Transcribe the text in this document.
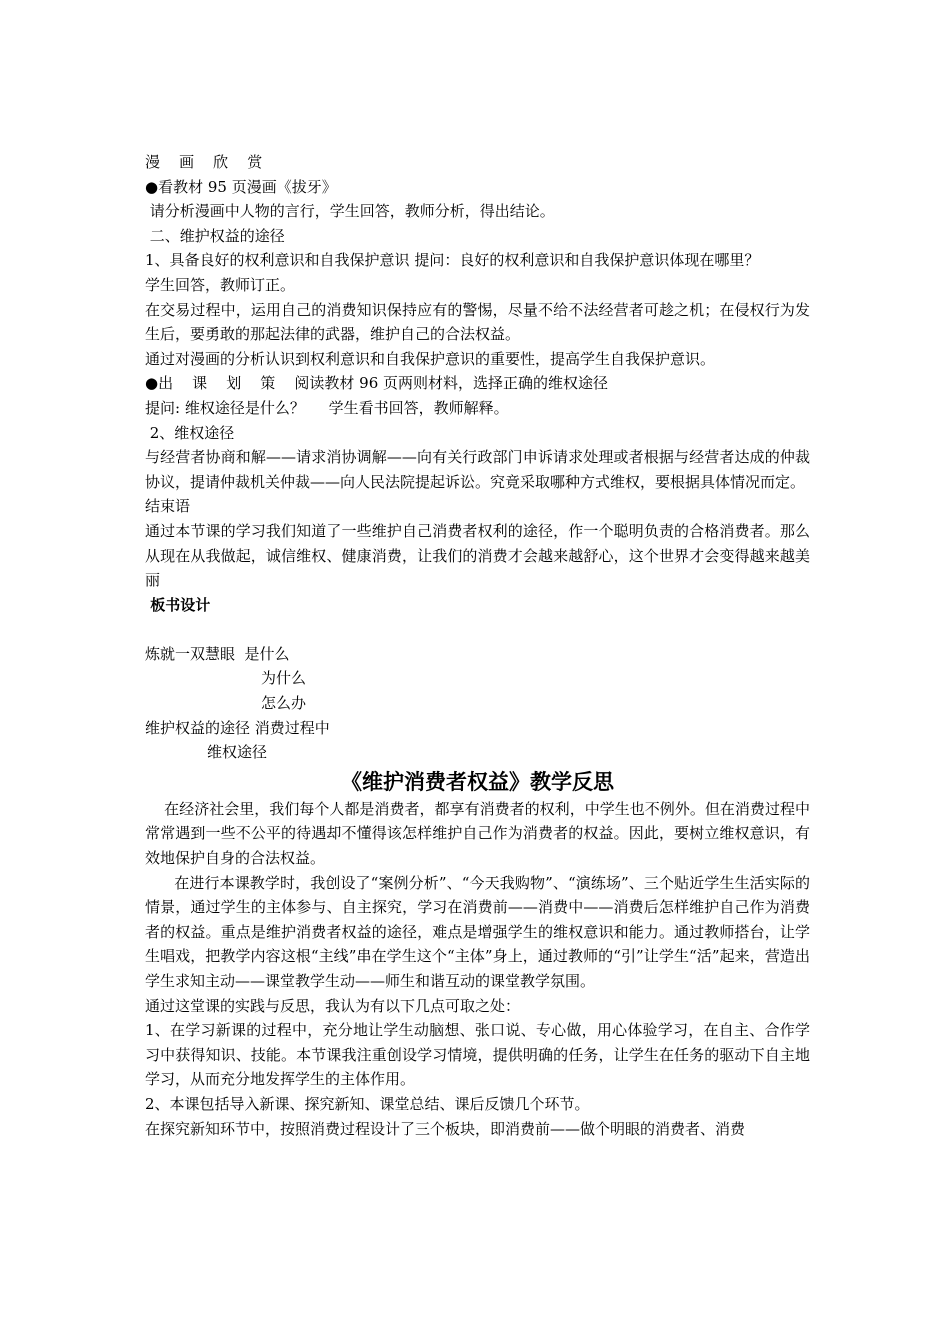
漫    画    欣    赏
●看教材 95 页漫画《拔牙》
请分析漫画中人物的言行，学生回答，教师分析，得出结论。
二、维护权益的途径
1、具备良好的权利意识和自我保护意识 提问：良好的权利意识和自我保护意识体现在哪里？
学生回答，教师订正。
在交易过程中，运用自己的消费知识保持应有的警惕，尽量不给不法经营者可趁之机；在侵权行为发生后，要勇敢的那起法律的武器，维护自己的合法权益。
通过对漫画的分析认识到权利意识和自我保护意识的重要性，提高学生自我保护意识。
●出    课    划    策    阅读教材 96 页两则材料，选择正确的维权途径
提问: 维权途径是什么？     学生看书回答，教师解释。
2、维权途径
与经营者协商和解——请求消协调解——向有关行政部门申诉请求处理或者根据与经营者达成的仲裁协议，提请仲裁机关仲裁——向人民法院提起诉讼。究竟采取哪种方式维权，要根据具体情况而定。
结束语
通过本节课的学习我们知道了一些维护自己消费者权利的途径，作一个聪明负责的合格消费者。那么从现在从我做起，诚信维权、健康消费，让我们的消费才会越来越舒心，这个世界才会变得越来越美丽
板书设计
炼就一双慧眼  是什么
为什么
怎么办
维护权益的途径 消费过程中
维权途径
《维护消费者权益》教学反思
在经济社会里，我们每个人都是消费者，都享有消费者的权利，中学生也不例外。但在消费过程中常常遇到一些不公平的待遇却不懂得该怎样维护自己作为消费者的权益。因此，要树立维权意识，有效地保护自身的合法权益。
在进行本课教学时，我创设了“案例分析”、“今天我购物”、“演练场”、三个贴近学生生活实际的情景，通过学生的主体参与、自主探究，学习在消费前——消费中——消费后怎样维护自己作为消费者的权益。重点是维护消费者权益的途径，难点是增强学生的维权意识和能力。通过教师搭台，让学生唱戏，把教学内容这根“主线”串在学生这个“主体”身上，通过教师的“引”让学生“活”起来，营造出学生求知主动——课堂教学生动——师生和谐互动的课堂教学氛围。
通过这堂课的实践与反思，我认为有以下几点可取之处：
1、在学习新课的过程中，充分地让学生动脑想、张口说、专心做，用心体验学习，在自主、合作学习中获得知识、技能。本节课我注重创设学习情境，提供明确的任务，让学生在任务的驱动下自主地学习，从而充分地发挥学生的主体作用。
2、本课包括导入新课、探究新知、课堂总结、课后反馈几个环节。
在探究新知环节中，按照消费过程设计了三个板块，即消费前——做个明眼的消费者、消费
